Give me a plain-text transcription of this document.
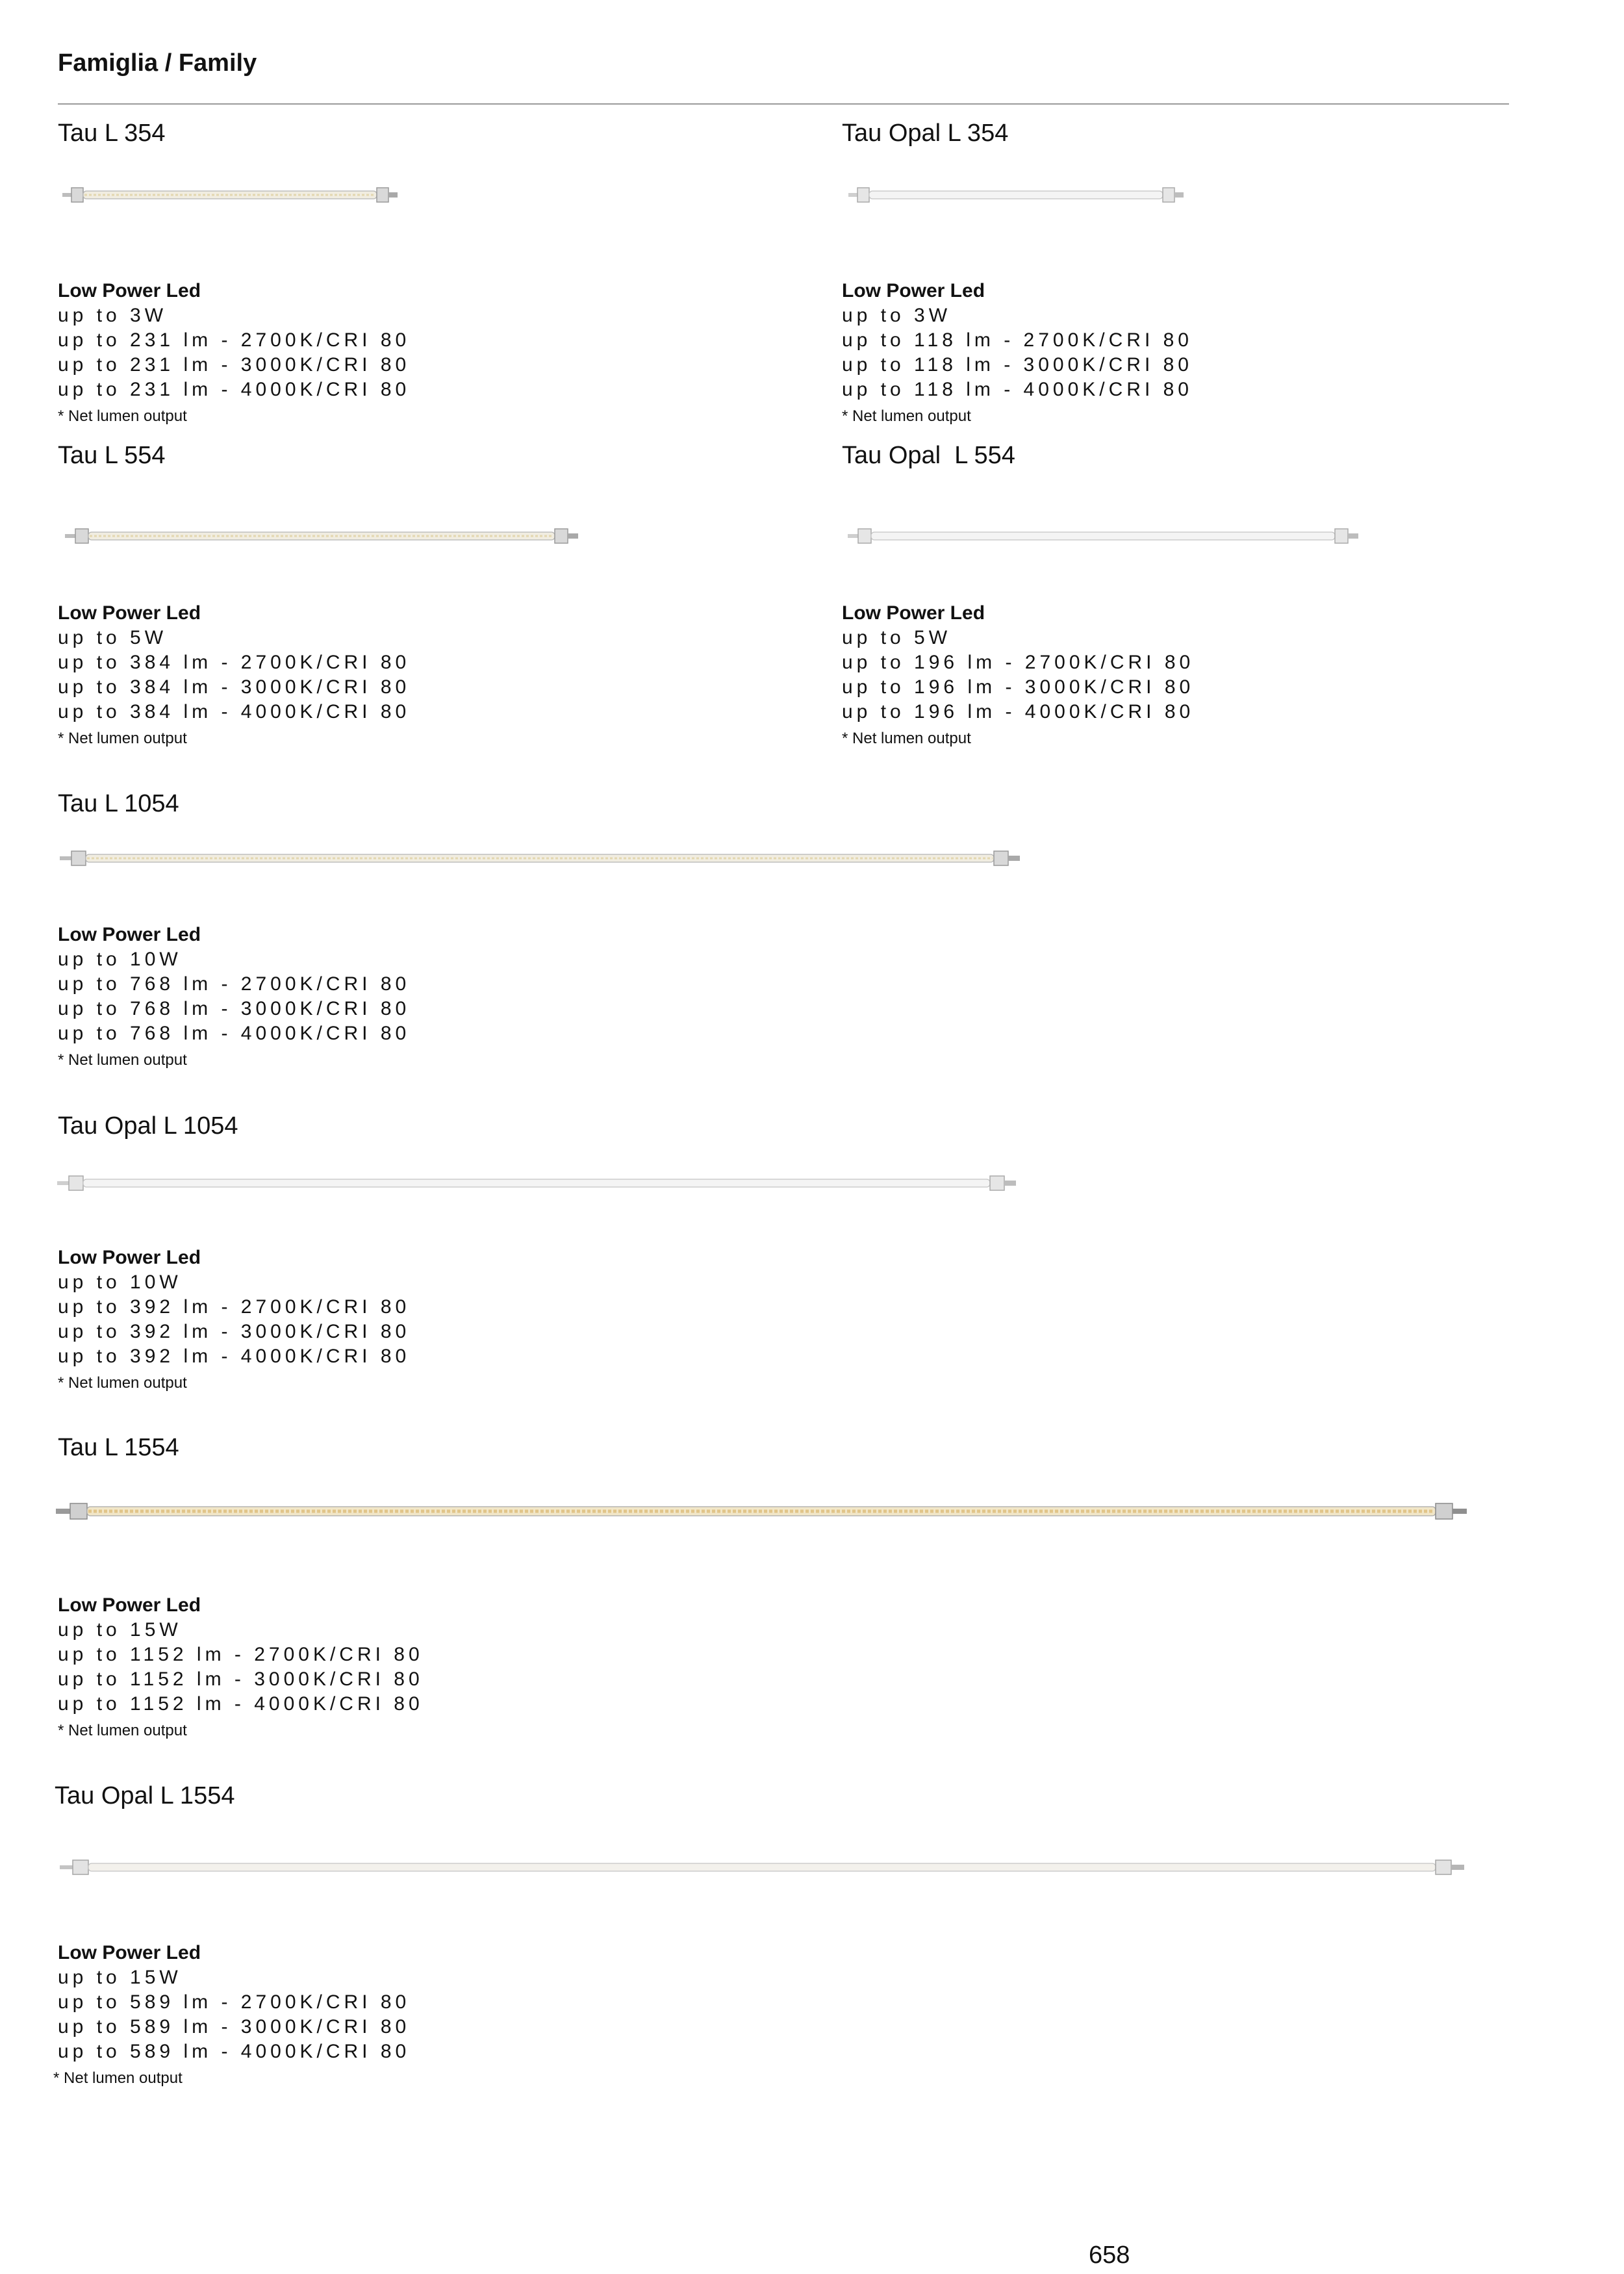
Famiglia / Family
Tau L 354
Low Power Led
up to 3W
up to 231 lm - 2700K/CRI 80
up to 231 lm - 3000K/CRI 80
up to 231 lm - 4000K/CRI 80
* Net lumen output
Tau Opal L 354
Low Power Led
up to 3W
up to 118 lm - 2700K/CRI 80
up to 118 lm - 3000K/CRI 80
up to 118 lm - 4000K/CRI 80
* Net lumen output
Tau L 554
Low Power Led
up to 5W
up to 384 lm - 2700K/CRI 80
up to 384 lm - 3000K/CRI 80
up to 384 lm - 4000K/CRI 80
* Net lumen output
Tau Opal  L 554
Low Power Led
up to 5W
up to 196 lm - 2700K/CRI 80
up to 196 lm - 3000K/CRI 80
up to 196 lm - 4000K/CRI 80
* Net lumen output
Tau L 1054
Low Power Led
up to 10W
up to 768 lm - 2700K/CRI 80
up to 768 lm - 3000K/CRI 80
up to 768 lm - 4000K/CRI 80
* Net lumen output
Tau Opal L 1054
Low Power Led
up to 10W
up to 392 lm - 2700K/CRI 80
up to 392 lm - 3000K/CRI 80
up to 392 lm - 4000K/CRI 80
* Net lumen output
Tau L 1554
Low Power Led
up to 15W
up to 1152 lm - 2700K/CRI 80
up to 1152 lm - 3000K/CRI 80
up to 1152 lm - 4000K/CRI 80
* Net lumen output
Tau Opal L 1554
Low Power Led
up to 15W
up to 589 lm - 2700K/CRI 80
up to 589 lm - 3000K/CRI 80
up to 589 lm - 4000K/CRI 80
* Net lumen output
658
